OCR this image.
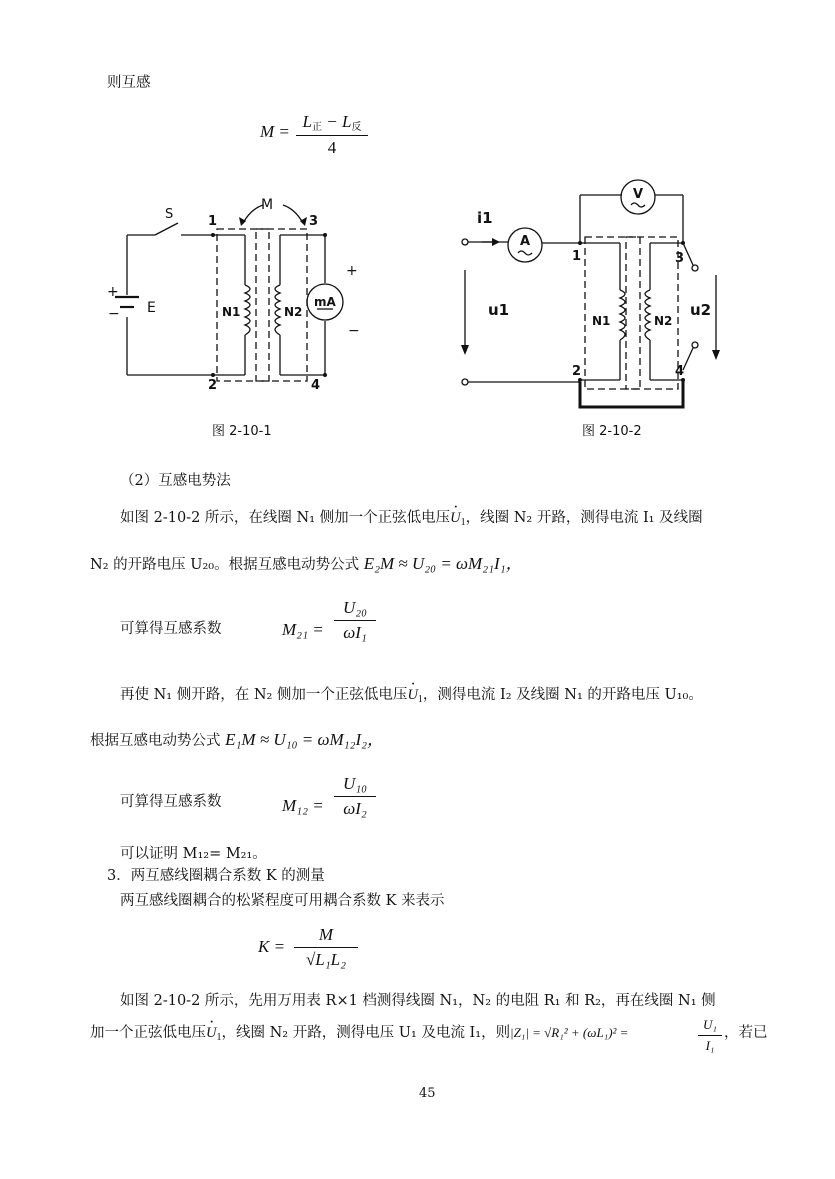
则互感
M =
$L_正 - L_反$
4
S
M
1
2
3
4
E
+
−	N1	N2
mA
+
−
图 2-10-1
i1
u1	u2
A
V
1
2
3
4
N1	N2
图 2-10-2
（2）互感电势法
如图 2-10-2 所示，在线圈 N₁ 侧加一个正弦低电压· $U_1$，线圈 N₂ 开路，测得电流 I₁ 及线圈
N₂ 的开路电压 U₂₀。根据互感电动势公式 E₂M ≈ U₂₀ = ωM₂₁I₁，
可算得互感系数	M₂₁ =
U₂₀
ωI₁
再使 N₁ 侧开路，在 N₂ 侧加一个正弦低电压· $U_1$，测得电流 I₂ 及线圈 N₁ 的开路电压 U₁₀。
根据互感电动势公式 E₁M ≈ U₁₀ = ωM₁₂I₂，
可算得互感系数	M₁₂ =
U₁₀
ωI₂
可以证明 M₁₂= M₂₁。
3．两互感线圈耦合系数 K 的测量
两互感线圈耦合的松紧程度可用耦合系数 K 来表示
K =
M
√L₁L₂
如图 2-10-2 所示，先用万用表 R×1 档测得线圈 N₁，N₂ 的电阻 R₁ 和 R₂，再在线圈 N₁ 侧
加一个正弦低电压· $U_1$，线圈 N₂ 开路，测得电压 U₁ 及电流 I₁，则 |Z₁| = √R₁² + (ωL₁)² =
U₁
I₁
，若已
45
